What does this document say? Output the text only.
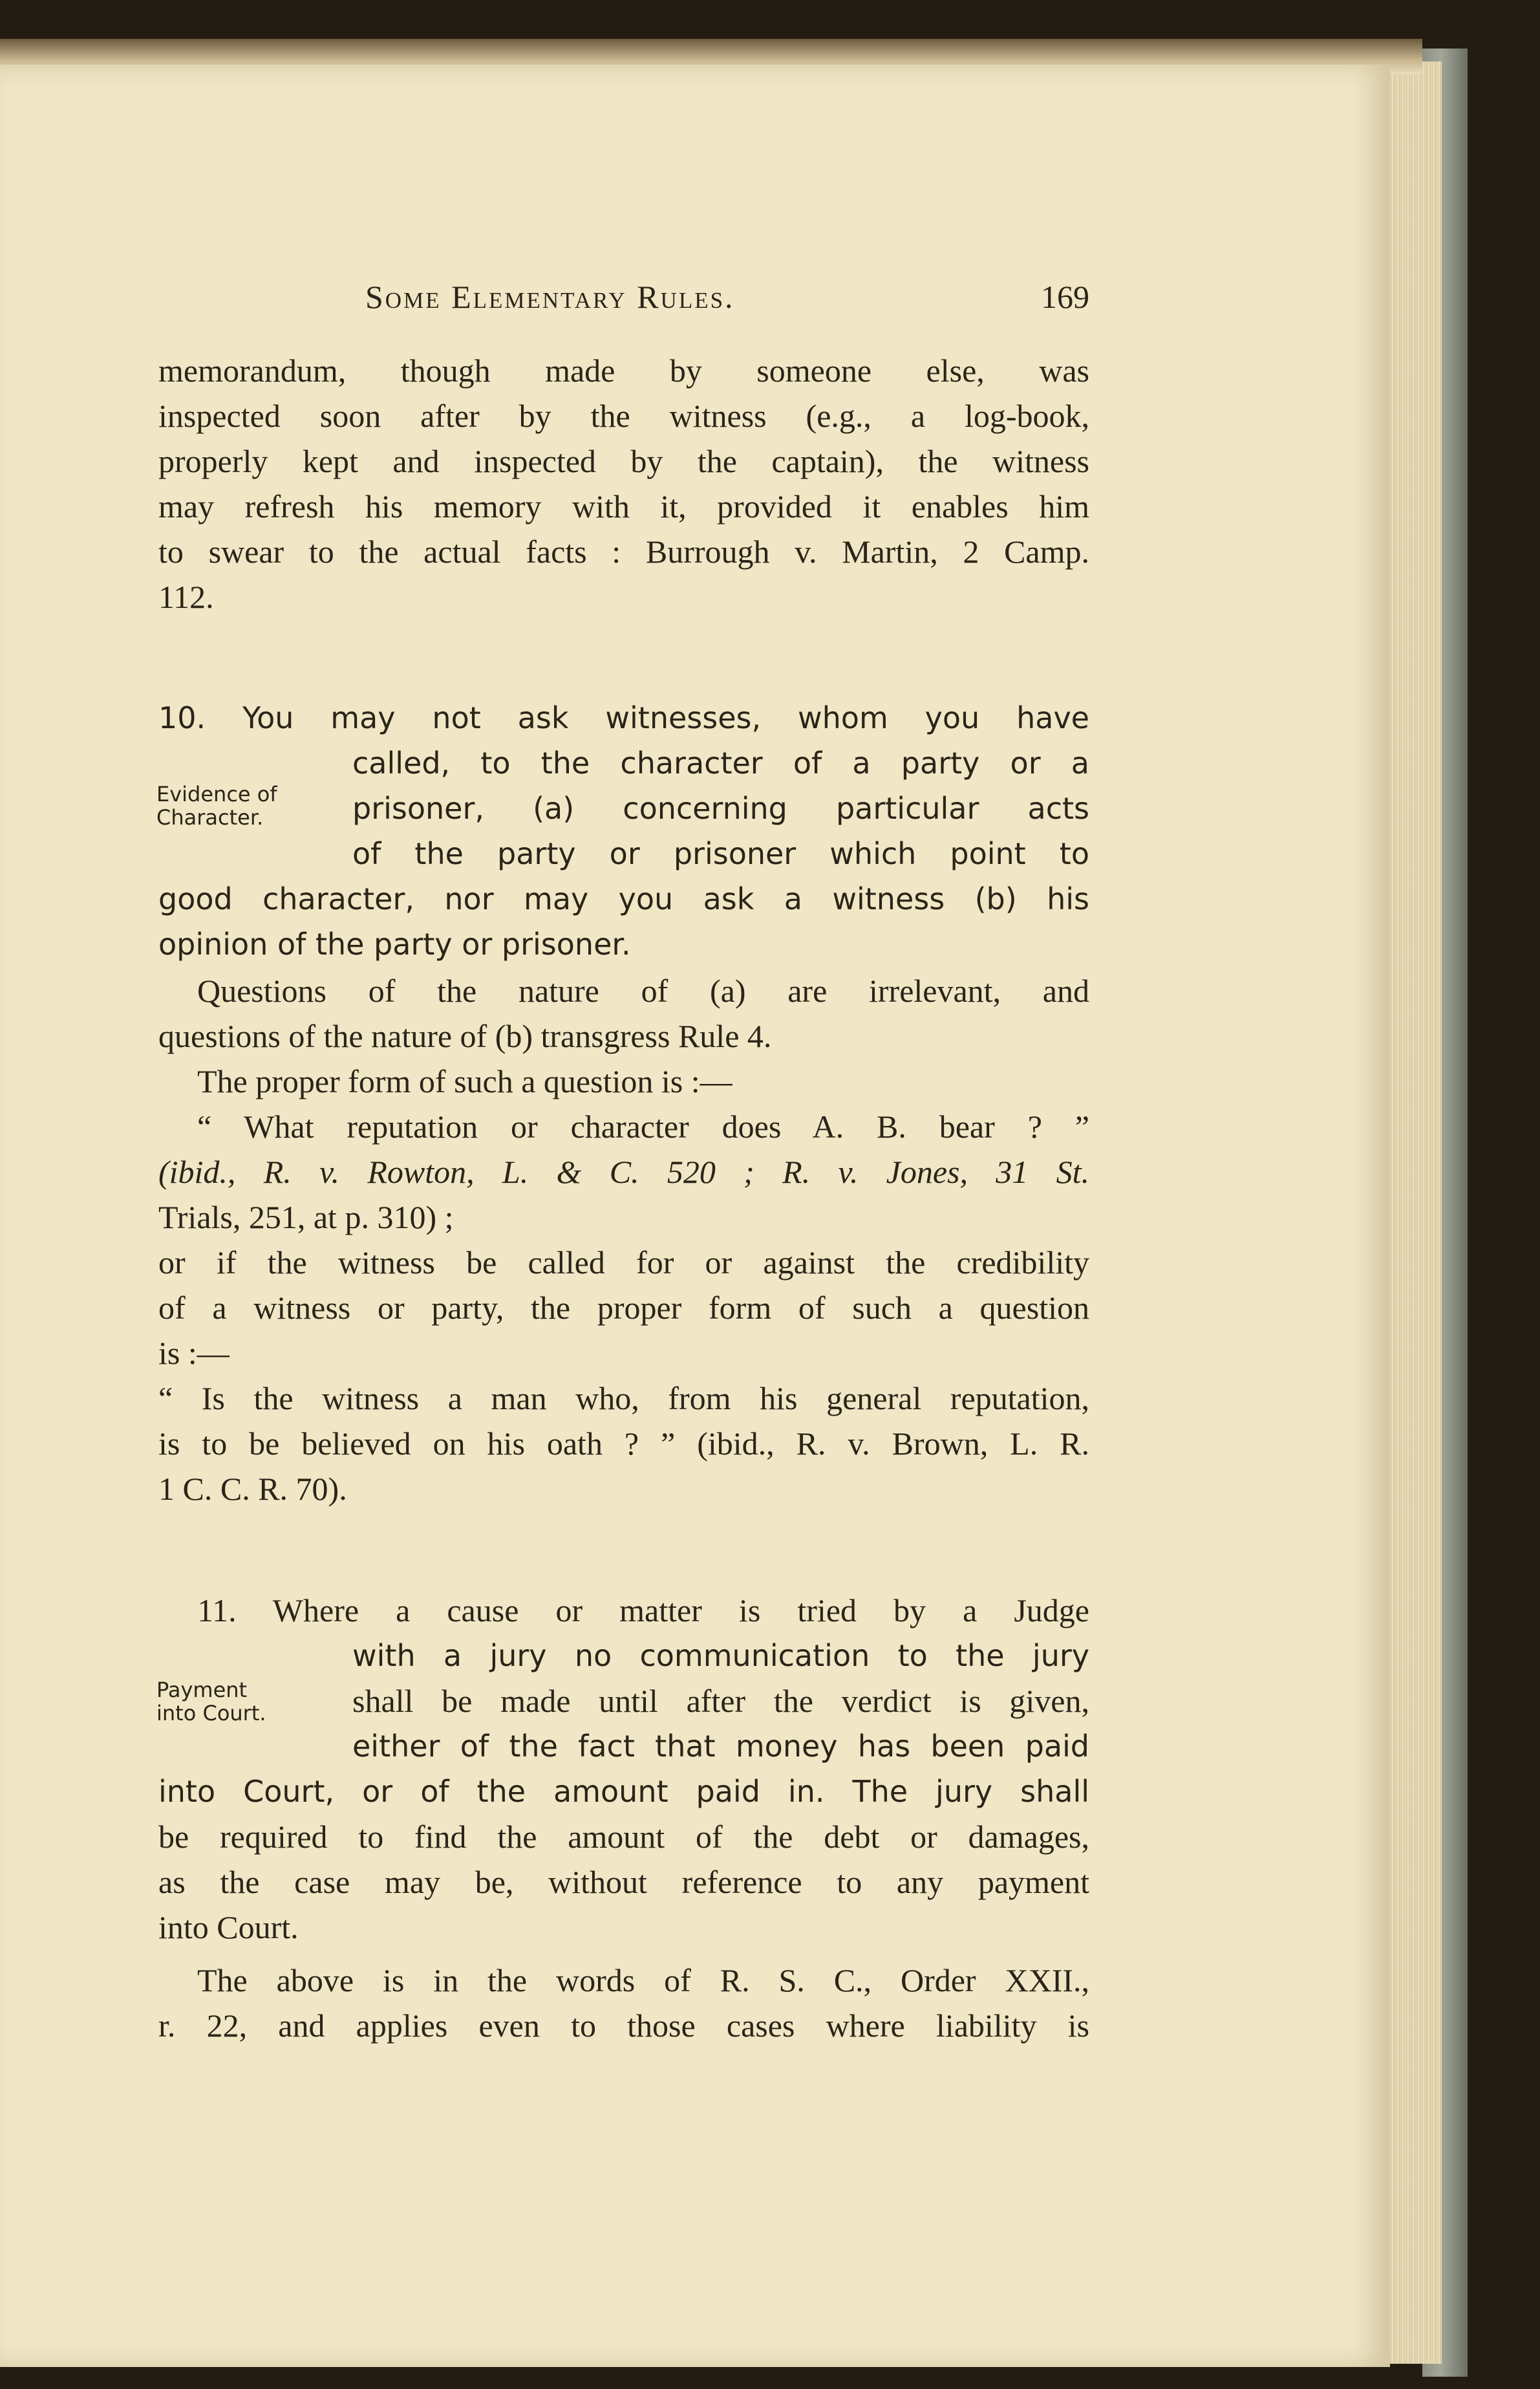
Some Elementary Rules.	169
memorandum, though made by someone else, was
inspected soon after by the witness (e.g., a log-book,
properly kept and inspected by the captain), the witness
may refresh his memory with it, provided it enables him
to swear to the actual facts : Burrough v. Martin, 2 Camp.
112.
10. You may not ask witnesses, whom you have
called, to the character of a party or a
prisoner, (a) concerning particular acts
of the party or prisoner which point to
good character, nor may you ask a witness (b) his
opinion of the party or prisoner.
Evidence of
Character.
Questions of the nature of (a) are irrelevant, and
questions of the nature of (b) transgress Rule 4.
The proper form of such a question is :—
“ What reputation or character does A. B. bear ? ”
(ibid., R. v. Rowton, L. & C. 520 ; R. v. Jones, 31 St.
Trials, 251, at p. 310) ;
or if the witness be called for or against the credibility
of a witness or party, the proper form of such a question
is :—
“ Is the witness a man who, from his general reputation,
is to be believed on his oath ? ” (ibid., R. v. Brown, L. R.
1 C. C. R. 70).
11. Where a cause or matter is tried by a Judge
with a jury no communication to the jury
shall be made until after the verdict is given,
either of the fact that money has been paid
into Court, or of the amount paid in. The jury shall
be required to find the amount of the debt or damages,
as the case may be, without reference to any payment
into Court.
Payment
into Court.
The above is in the words of R. S. C., Order XXII.,
r. 22, and applies even to those cases where liability is
